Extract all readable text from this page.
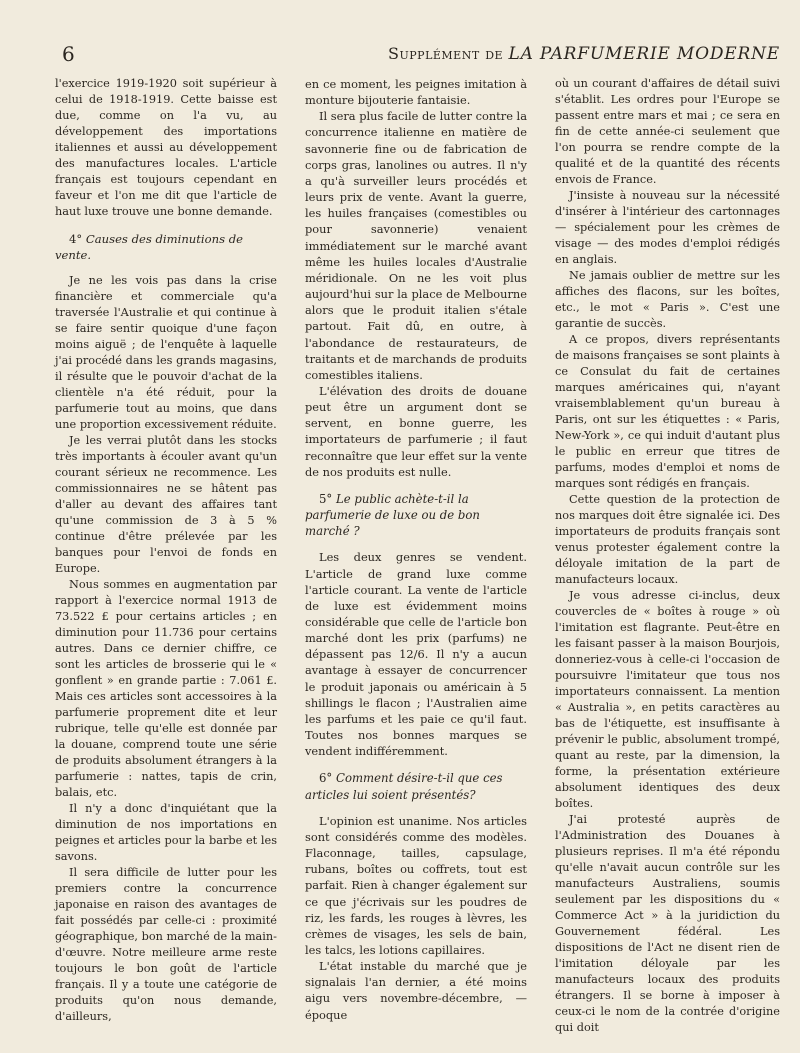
6	Supplément de LA PARFUMERIE MODERNE

l'exercice 1919-1920 soit supérieur à celui de 1918-1919. Cette baisse est due, comme on l'a vu, au développement des importations italiennes et aussi au développement des manufactures locales. L'article français est toujours cependant en faveur et l'on me dit que l'article de haut luxe trouve une bonne demande.

4° Causes des diminutions de vente.

Je ne les vois pas dans la crise financière et commerciale qu'a traversée l'Australie et qui continue à se faire sentir quoique d'une façon moins aiguë ; de l'enquête à laquelle j'ai procédé dans les grands magasins, il résulte que le pouvoir d'achat de la clientèle n'a été réduit, pour la parfumerie tout au moins, que dans une proportion excessivement réduite.

Je les verrai plutôt dans les stocks très importants à écouler avant qu'un courant sérieux ne recommence. Les commissionnaires ne se hâtent pas d'aller au devant des affaires tant qu'une commission de 3 à 5 % continue d'être prélevée par les banques pour l'envoi de fonds en Europe.

Nous sommes en augmentation par rapport à l'exercice normal 1913 de 73.522 £ pour certains articles ; en diminution pour 11.736 pour certains autres. Dans ce dernier chiffre, ce sont les articles de brosserie qui le « gonflent » en grande partie : 7.061 £. Mais ces articles sont accessoires à la parfumerie proprement dite et leur rubrique, telle qu'elle est donnée par la douane, comprend toute une série de produits absolument étrangers à la parfumerie : nattes, tapis de crin, balais, etc.

Il n'y a donc d'inquiétant que la diminution de nos importations en peignes et articles pour la barbe et les savons.

Il sera difficile de lutter pour les premiers contre la concurrence japonaise en raison des avantages de fait possédés par celle-ci : proximité géographique, bon marché de la main-d'œuvre. Notre meilleure arme reste toujours le bon goût de l'article français. Il y a toute une catégorie de produits qu'on nous demande, d'ailleurs,

en ce moment, les peignes imitation à monture bijouterie fantaisie.

Il sera plus facile de lutter contre la concurrence italienne en matière de savonnerie fine ou de fabrication de corps gras, lanolines ou autres. Il n'y a qu'à surveiller leurs procédés et leurs prix de vente. Avant la guerre, les huiles françaises (comestibles ou pour savonnerie) venaient immédiatement sur le marché avant même les huiles locales d'Australie méridionale. On ne les voit plus aujourd'hui sur la place de Melbourne alors que le produit italien s'étale partout. Fait dû, en outre, à l'abondance de restaurateurs, de traitants et de marchands de produits comestibles italiens.

L'élévation des droits de douane peut être un argument dont se servent, en bonne guerre, les importateurs de parfumerie ; il faut reconnaître que leur effet sur la vente de nos produits est nulle.

5° Le public achète-t-il la parfumerie de luxe ou de bon marché ?

Les deux genres se vendent. L'article de grand luxe comme l'article courant. La vente de l'article de luxe est évidemment moins considérable que celle de l'article bon marché dont les prix (parfums) ne dépassent pas 12/6. Il n'y a aucun avantage à essayer de concurrencer le produit japonais ou américain à 5 shillings le flacon ; l'Australien aime les parfums et les paie ce qu'il faut. Toutes nos bonnes marques se vendent indifféremment.

6° Comment désire-t-il que ces articles lui soient présentés?

L'opinion est unanime. Nos articles sont considérés comme des modèles. Flaconnage, tailles, capsulage, rubans, boîtes ou coffrets, tout est parfait. Rien à changer également sur ce que j'écrivais sur les poudres de riz, les fards, les rouges à lèvres, les crèmes de visages, les sels de bain, les talcs, les lotions capillaires.

L'état instable du marché que je signalais l'an dernier, a été moins aigu vers novembre-décembre, — époque

où un courant d'affaires de détail suivi s'établit. Les ordres pour l'Europe se passent entre mars et mai ; ce sera en fin de cette année-ci seulement que l'on pourra se rendre compte de la qualité et de la quantité des récents envois de France.

J'insiste à nouveau sur la nécessité d'insérer à l'intérieur des cartonnages — spécialement pour les crèmes de visage — des modes d'emploi rédigés en anglais.

Ne jamais oublier de mettre sur les affiches des flacons, sur les boîtes, etc., le mot « Paris ». C'est une garantie de succès.

A ce propos, divers représentants de maisons françaises se sont plaints à ce Consulat du fait de certaines marques américaines qui, n'ayant vraisemblablement qu'un bureau à Paris, ont sur les étiquettes : « Paris, New-York », ce qui induit d'autant plus le public en erreur que titres de parfums, modes d'emploi et noms de marques sont rédigés en français.

Cette question de la protection de nos marques doit être signalée ici. Des importateurs de produits français sont venus protester également contre la déloyale imitation de la part de manufacteurs locaux.

Je vous adresse ci-inclus, deux couvercles de « boîtes à rouge » où l'imitation est flagrante. Peut-être en les faisant passer à la maison Bourjois, donneriez-vous à celle-ci l'occasion de poursuivre l'imitateur que tous nos importateurs connaissent. La mention « Australia », en petits caractères au bas de l'étiquette, est insuffisante à prévenir le public, absolument trompé, quant au reste, par la dimension, la forme, la présentation extérieure absolument identiques des deux boîtes.

J'ai protesté auprès de l'Administration des Douanes à plusieurs reprises. Il m'a été répondu qu'elle n'avait aucun contrôle sur les manufacteurs Australiens, soumis seulement par les dispositions du « Commerce Act » à la juridiction du Gouvernement fédéral. Les dispositions de l'Act ne disent rien de l'imitation déloyale par les manufacteurs locaux des produits étrangers. Il se borne à imposer à ceux-ci le nom de la contrée d'origine qui doit
